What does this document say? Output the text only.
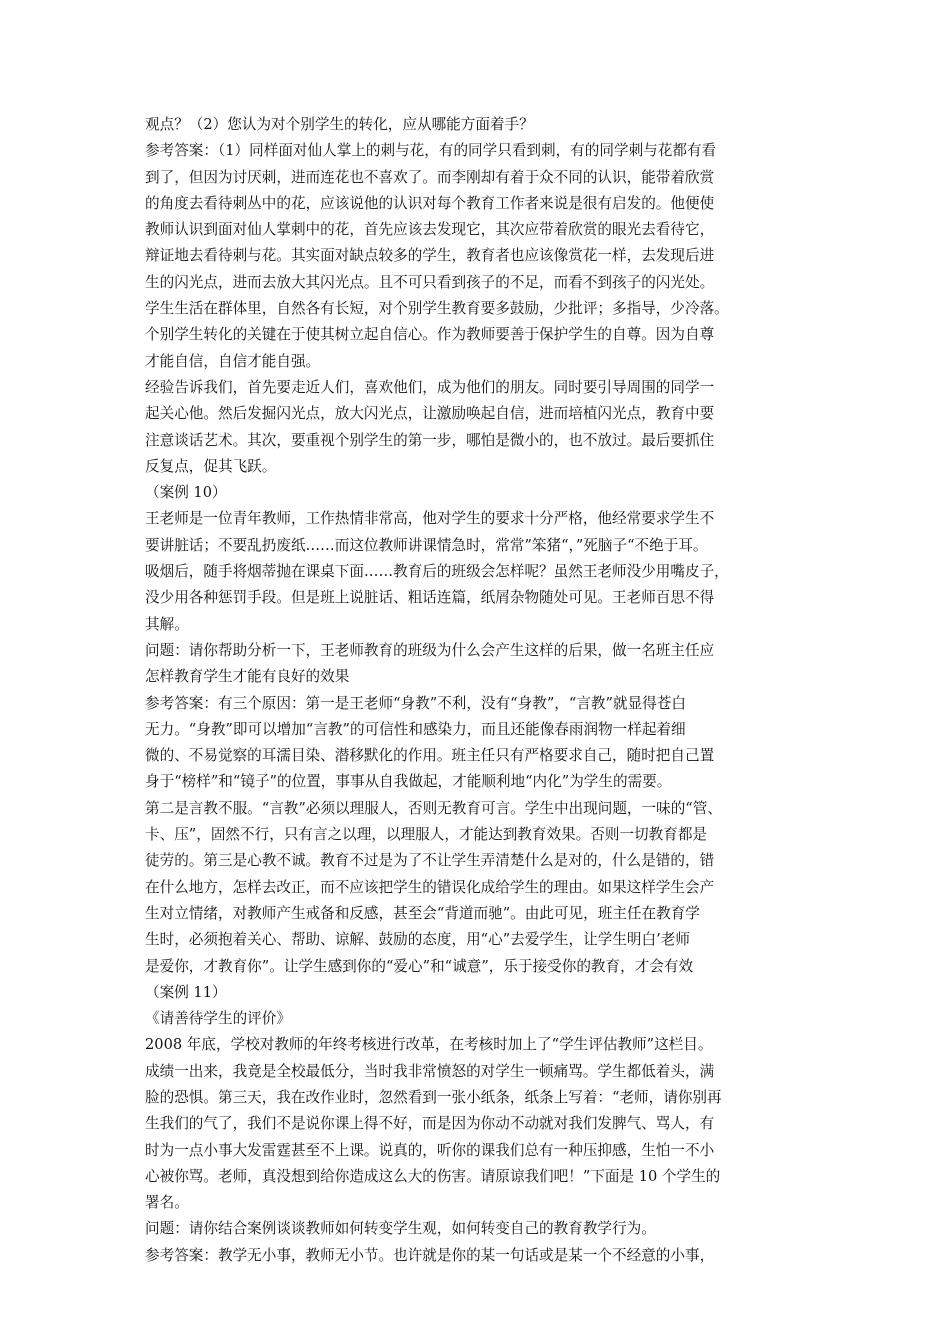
观点？（2）您认为对个别学生的转化，应从哪能方面着手？
参考答案：（1）同样面对仙人掌上的刺与花，有的同学只看到刺，有的同学刺与花都有看
到了，但因为讨厌刺，进而连花也不喜欢了。而李刚却有着于众不同的认识，能带着欣赏
的角度去看待刺丛中的花，应该说他的认识对每个教育工作者来说是很有启发的。他便使
教师认识到面对仙人掌刺中的花，首先应该去发现它，其次应带着欣赏的眼光去看待它，
辩证地去看待刺与花。其实面对缺点较多的学生，教育者也应该像赏花一样，去发现后进
生的闪光点，进而去放大其闪光点。且不可只看到孩子的不足，而看不到孩子的闪光处。
学生生活在群体里，自然各有长短，对个别学生教育要多鼓励，少批评；多指导，少冷落。
个别学生转化的关键在于使其树立起自信心。作为教师要善于保护学生的自尊。因为自尊
才能自信，自信才能自强。
经验告诉我们，首先要走近人们，喜欢他们，成为他们的朋友。同时要引导周围的同学一
起关心他。然后发掘闪光点，放大闪光点，让激励唤起自信，进而培植闪光点，教育中要
注意谈话艺术。其次，要重视个别学生的第一步，哪怕是微小的，也不放过。最后要抓住
反复点，促其飞跃。
（案例 10）
王老师是一位青年教师，工作热情非常高，他对学生的要求十分严格，他经常要求学生不
要讲脏话；不要乱扔废纸……而这位教师讲课情急时，常常”笨猪“，”死脑子“不绝于耳。
吸烟后，随手将烟蒂抛在课桌下面……教育后的班级会怎样呢？虽然王老师没少用嘴皮子，
没少用各种惩罚手段。但是班上说脏话、粗话连篇，纸屑杂物随处可见。王老师百思不得
其解。
问题：请你帮助分析一下，王老师教育的班级为什么会产生这样的后果，做一名班主任应
怎样教育学生才能有良好的效果
参考答案：有三个原因：第一是王老师“身教”不利，没有“身教”，“言教”就显得苍白
无力。“身教”即可以增加“言教”的可信性和感染力，而且还能像春雨润物一样起着细
微的、不易觉察的耳濡目染、潜移默化的作用。班主任只有严格要求自己，随时把自己置
身于“榜样”和“镜子”的位置，事事从自我做起，才能顺利地“内化”为学生的需要。
第二是言教不服。“言教”必须以理服人，否则无教育可言。学生中出现问题，一味的“管、
卡、压”，固然不行，只有言之以理，以理服人，才能达到教育效果。否则一切教育都是
徒劳的。第三是心教不诚。教育不过是为了不让学生弄清楚什么是对的，什么是错的，错
在什么地方，怎样去改正，而不应该把学生的错误化成给学生的理由。如果这样学生会产
生对立情绪，对教师产生戒备和反感，甚至会“背道而驰”。由此可见，班主任在教育学
生时，必须抱着关心、帮助、谅解、鼓励的态度，用“心”去爱学生，让学生明白’老师
是爱你，才教育你”。让学生感到你的“爱心”和“诚意”，乐于接受你的教育，才会有效
（案例 11）
《请善待学生的评价》
2008 年底，学校对教师的年终考核进行改革，在考核时加上了“学生评估教师”这栏目。
成绩一出来，我竟是全校最低分，当时我非常愤怒的对学生一顿痛骂。学生都低着头，满
脸的恐惧。第三天，我在改作业时，忽然看到一张小纸条，纸条上写着：“老师，请你别再
生我们的气了，我们不是说你课上得不好，而是因为你动不动就对我们发脾气、骂人，有
时为一点小事大发雷霆甚至不上课。说真的，听你的课我们总有一种压抑感，生怕一不小
心被你骂。老师，真没想到给你造成这么大的伤害。请原谅我们吧！”下面是 10 个学生的
署名。
问题：请你结合案例谈谈教师如何转变学生观，如何转变自己的教育教学行为。
参考答案：教学无小事，教师无小节。也许就是你的某一句话或是某一个不经意的小事，
